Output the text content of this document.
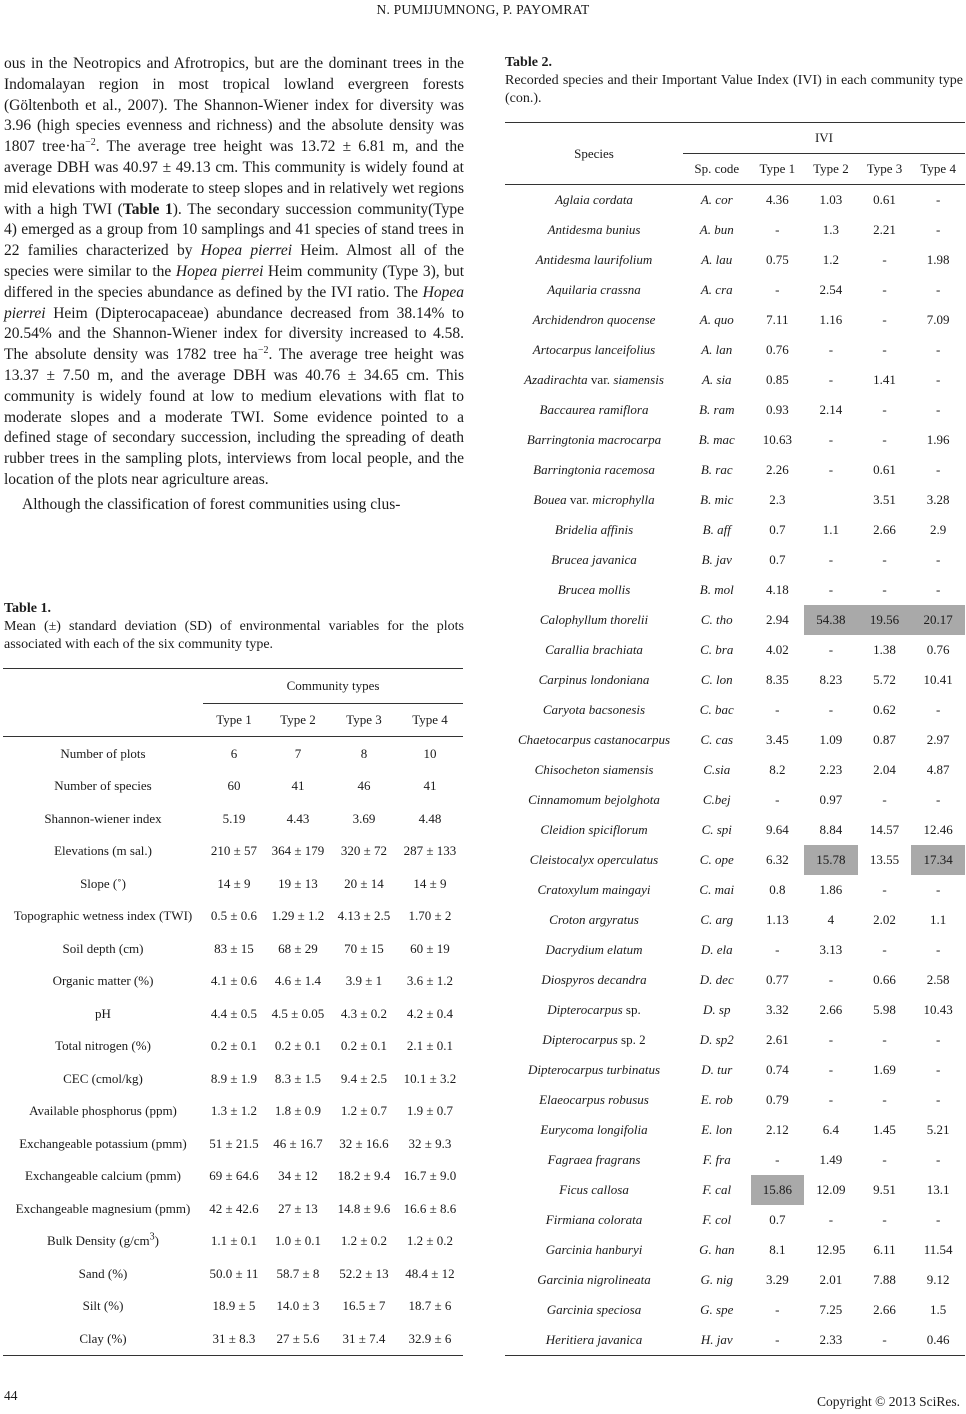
N. PUMIJUMNONG, P. PAYOMRAT

ous in the Neotropics and Afrotropics, but are the dominant trees in the Indomalayan region in most tropical lowland evergreen forests (Göltenboth et al., 2007). The Shannon-Wiener index for diversity was 3.96 (high species evenness and richness) and the absolute density was 1807 $tree\cdot ha^{-2}$. The average tree height was 13.72 ± 6.81 m, and the average DBH was 40.97 ± 49.13 cm. This community is widely found at mid elevations with moderate to steep slopes and in relatively wet regions with a high TWI (Table 1). The secondary succession community(Type 4) emerged as a group from 10 samplings and 41 species of stand trees in 22 families characterized by Hopea pierrei Heim. Almost all of the species were similar to the Hopea pierrei Heim community (Type 3), but differed in the species abundance as defined by the IVI ratio. The Hopea pierrei Heim (Dipterocapaceae) abundance decreased from 38.14% to 20.54% and the Shannon-Wiener index for diversity increased to 4.58. The absolute density was 1782 tree $ha^{-2}$. The average tree height was 13.37 ± 7.50 m, and the average DBH was 40.76 ± 34.65 cm. This community is widely found at low to medium elevations with flat to moderate slopes and a moderate TWI. Some evidence pointed to a defined stage of secondary succession, including the spreading of death rubber trees in the sampling plots, interviews from local people, and the location of the plots near agriculture areas.

Although the classification of forest communities using clus-

Table 1.

Mean (±) standard deviation (SD) of environmental variables for the plots associated with each of the six community type.

	Community types			
	Type 1	Type 2	Type 3	Type 4
Number of plots	6	7	8	10
Number of species	60	41	46	41
Shannon-wiener index	5.19	4.43	3.69	4.48
Elevations (m sal.)	210 ± 57	364 ± 179	320 ± 72	287 ± 133
Slope (˚)	14 ± 9	19 ± 13	20 ± 14	14 ± 9
Topographic wetness index (TWI)	0.5 ± 0.6	1.29 ± 1.2	4.13 ± 2.5	1.70 ± 2
Soil depth (cm)	83 ± 15	68 ± 29	70 ± 15	60 ± 19
Organic matter (%)	4.1 ± 0.6	4.6 ± 1.4	3.9 ± 1	3.6 ± 1.2
pH	4.4 ± 0.5	4.5 ± 0.05	4.3 ± 0.2	4.2 ± 0.4
Total nitrogen (%)	0.2 ± 0.1	0.2 ± 0.1	0.2 ± 0.1	2.1 ± 0.1
CEC (cmol/kg)	8.9 ± 1.9	8.3 ± 1.5	9.4 ± 2.5	10.1 ± 3.2
Available phosphorus (ppm)	1.3 ± 1.2	1.8 ± 0.9	1.2 ± 0.7	1.9 ± 0.7
Exchangeable potassium (pmm)	51 ± 21.5	46 ± 16.7	32 ± 16.6	32 ± 9.3
Exchangeable calcium (pmm)	69 ± 64.6	34 ± 12	18.2 ± 9.4	16.7 ± 9.0
Exchangeable magnesium (pmm)	42 ± 42.6	27 ± 13	14.8 ± 9.6	16.6 ± 8.6
Bulk Density $(g/cm^3)$	1.1 ± 0.1	1.0 ± 0.1	1.2 ± 0.2	1.2 ± 0.2
Sand (%)	50.0 ± 11	58.7 ± 8	52.2 ± 13	48.4 ± 12
Silt (%)	18.9 ± 5	14.0 ± 3	16.5 ± 7	18.7 ± 6
Clay (%)	31 ± 8.3	27 ± 5.6	31 ± 7.4	32.9 ± 6

Table 2.

Recorded species and their Important Value Index (IVI) in each community type (con.).

Species	IVI				
	Sp. code	Type 1	Type 2	Type 3	Type 4
Aglaia cordata	A. cor	4.36	1.03	0.61	-
Antidesma bunius	A. bun	-	1.3	2.21	-
Antidesma laurifolium	A. lau	0.75	1.2	-	1.98
Aquilaria crassna	A. cra	-	2.54	-	-
Archidendron quocense	A. quo	7.11	1.16	-	7.09
Artocarpus lanceifolius	A. lan	0.76	-	-	-
Azadirachta var. siamensis	A. sia	0.85	-	1.41	-
Baccaurea ramiflora	B. ram	0.93	2.14	-	-
Barringtonia macrocarpa	B. mac	10.63	-	-	1.96
Barringtonia racemosa	B. rac	2.26	-	0.61	-
Bouea var. microphylla	B. mic	2.3		3.51	3.28
Bridelia affinis	B. aff	0.7	1.1	2.66	2.9
Brucea javanica	B. jav	0.7	-	-	-
Brucea mollis	B. mol	4.18	-	-	-
Calophyllum thorelii	C. tho	2.94	54.38	19.56	20.17
Carallia brachiata	C. bra	4.02	-	1.38	0.76
Carpinus londoniana	C. lon	8.35	8.23	5.72	10.41
Caryota bacsonesis	C. bac	-	-	0.62	-
Chaetocarpus castanocarpus	C. cas	3.45	1.09	0.87	2.97
Chisocheton siamensis	C.sia	8.2	2.23	2.04	4.87
Cinnamomum bejolghota	C.bej	-	0.97	-	-
Cleidion spiciflorum	C. spi	9.64	8.84	14.57	12.46
Cleistocalyx operculatus	C. ope	6.32	15.78	13.55	17.34
Cratoxylum maingayi	C. mai	0.8	1.86	-	-
Croton argyratus	C. arg	1.13	4	2.02	1.1
Dacrydium elatum	D. ela	-	3.13	-	-
Diospyros decandra	D. dec	0.77	-	0.66	2.58
Dipterocarpus sp.	D. sp	3.32	2.66	5.98	10.43
Dipterocarpus sp. 2	D. sp2	2.61	-	-	-
Dipterocarpus turbinatus	D. tur	0.74	-	1.69	-
Elaeocarpus robusus	E. rob	0.79	-	-	-
Eurycoma longifolia	E. lon	2.12	6.4	1.45	5.21
Fagraea fragrans	F. fra	-	1.49	-	-
Ficus callosa	F. cal	15.86	12.09	9.51	13.1
Firmiana colorata	F. col	0.7	-	-	-
Garcinia hanburyi	G. han	8.1	12.95	6.11	11.54
Garcinia nigrolineata	G. nig	3.29	2.01	7.88	9.12
Garcinia speciosa	G. spe	-	7.25	2.66	1.5
Heritiera javanica	H. jav	-	2.33	-	0.46
44	Copyright © 2013 SciRes.
